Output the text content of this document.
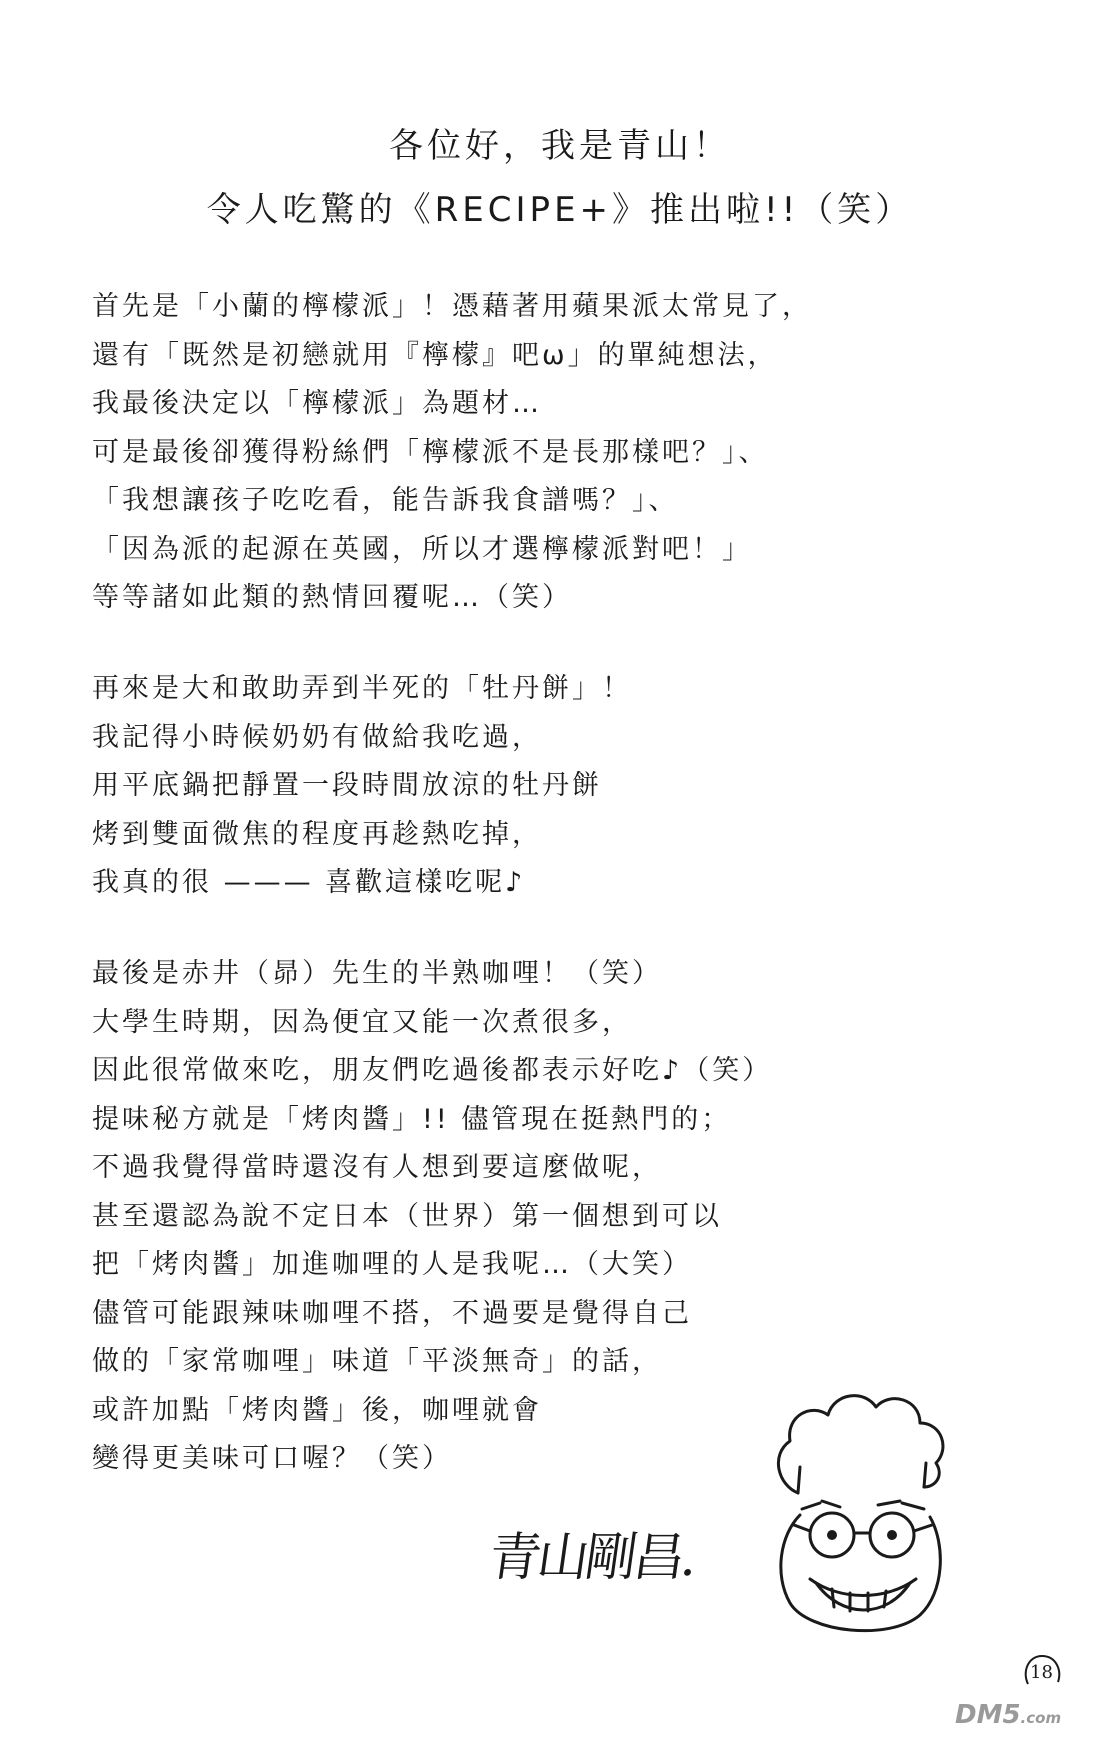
各位好，我是青山！
令人吃驚的《RECIPE+》推出啦!!（笑）
首先是「小蘭的檸檬派」！憑藉著用蘋果派太常見了，
還有「既然是初戀就用『檸檬』吧ω」的單純想法，
我最後決定以「檸檬派」為題材…
可是最後卻獲得粉絲們「檸檬派不是長那樣吧？」、
「我想讓孩子吃吃看，能告訴我食譜嗎？」、
「因為派的起源在英國，所以才選檸檬派對吧！」
等等諸如此類的熱情回覆呢…（笑）
再來是大和敢助弄到半死的「牡丹餅」！
我記得小時候奶奶有做給我吃過，
用平底鍋把靜置一段時間放涼的牡丹餅
烤到雙面微焦的程度再趁熱吃掉，
我真的很 ——— 喜歡這樣吃呢♪
最後是赤井（昴）先生的半熟咖哩！（笑）
大學生時期，因為便宜又能一次煮很多，
因此很常做來吃，朋友們吃過後都表示好吃♪（笑）
提味秘方就是「烤肉醬」!! 儘管現在挺熱門的；
不過我覺得當時還沒有人想到要這麼做呢，
甚至還認為說不定日本（世界）第一個想到可以
把「烤肉醬」加進咖哩的人是我呢…（大笑）
儘管可能跟辣味咖哩不搭，不過要是覺得自己
做的「家常咖哩」味道「平淡無奇」的話，
或許加點「烤肉醬」後，咖哩就會
變得更美味可口喔？（笑）
青山剛昌.
18
DM5.com
